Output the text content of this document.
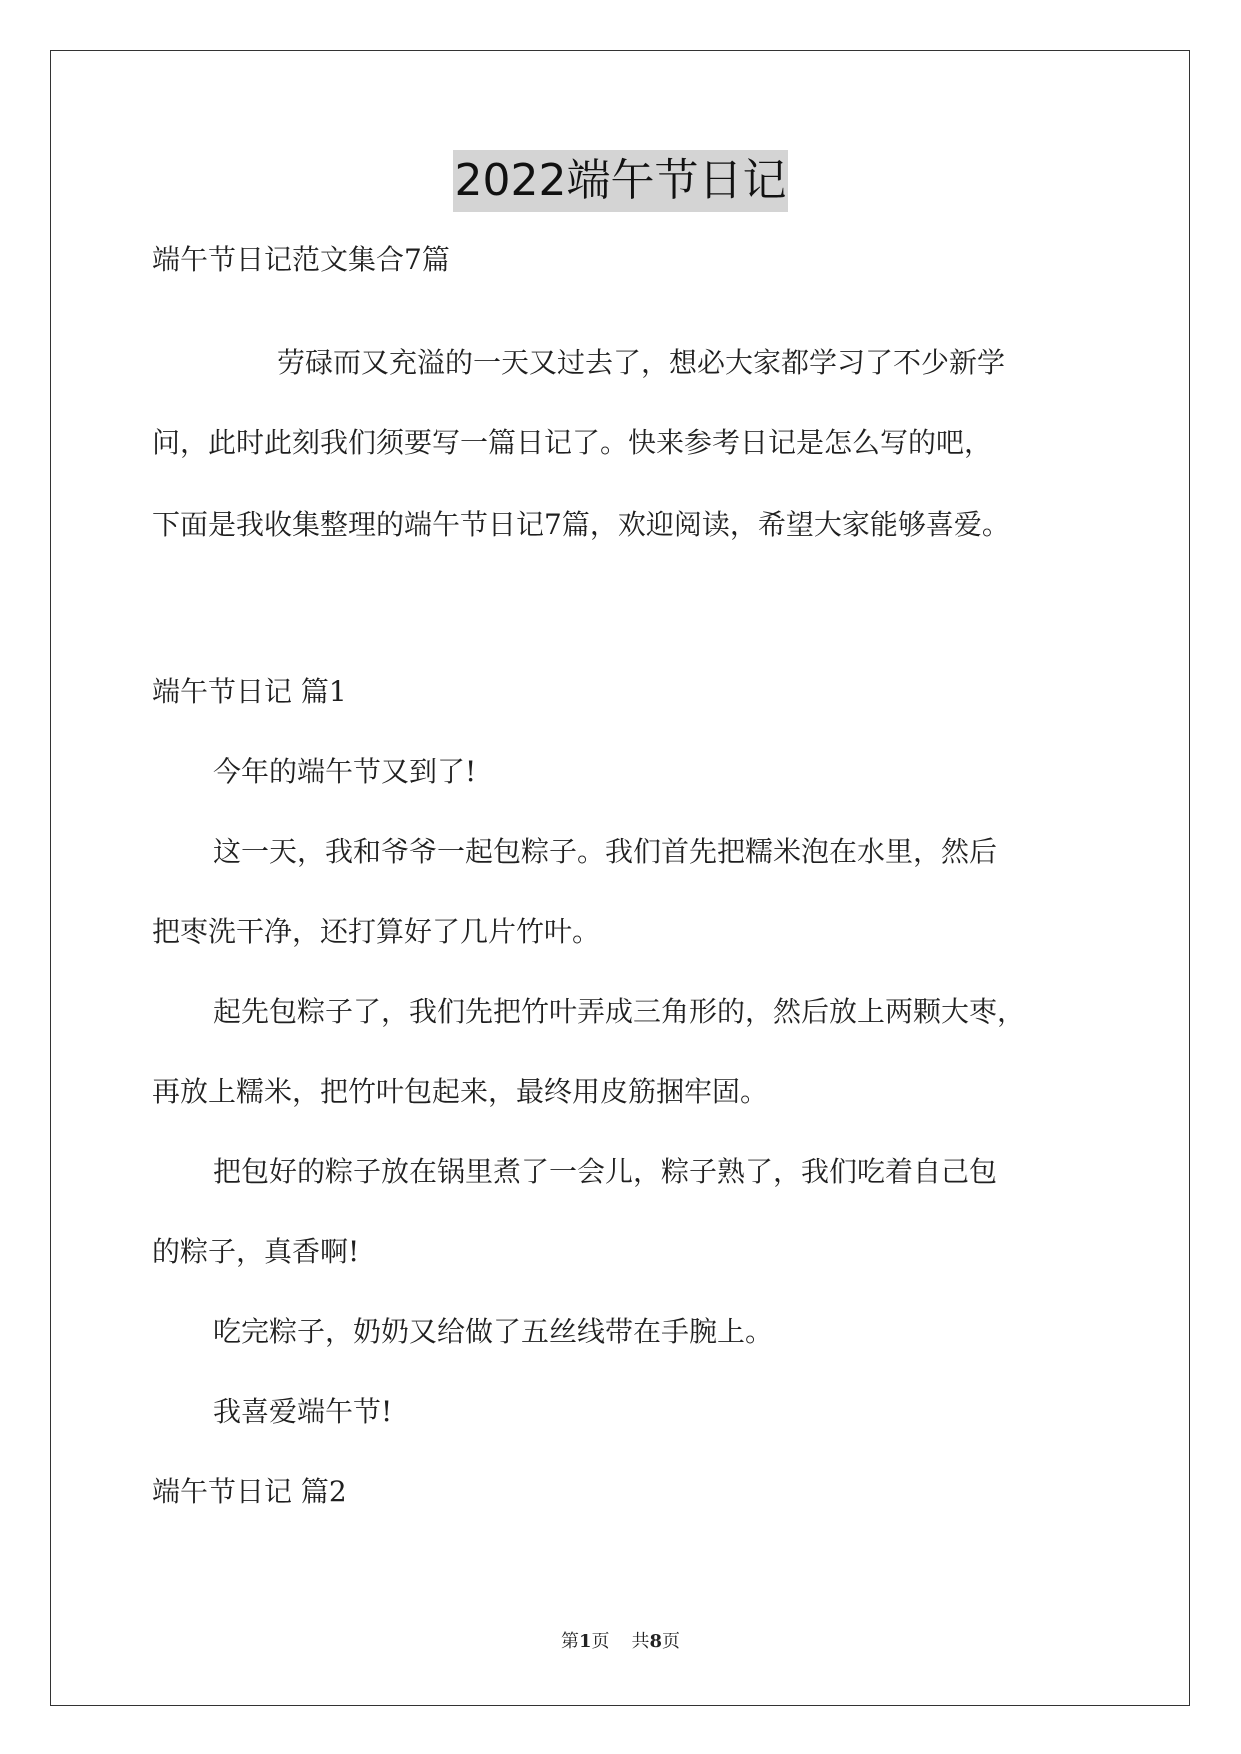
2022端午节日记
端午节日记范文集合7篇
劳碌而又充溢的一天又过去了，想必大家都学习了不少新学
问，此时此刻我们须要写一篇日记了。快来参考日记是怎么写的吧，
下面是我收集整理的端午节日记7篇，欢迎阅读，希望大家能够喜爱。
端午节日记 篇1
今年的端午节又到了!
这一天，我和爷爷一起包粽子。我们首先把糯米泡在水里，然后
把枣洗干净，还打算好了几片竹叶。
起先包粽子了，我们先把竹叶弄成三角形的，然后放上两颗大枣，
再放上糯米，把竹叶包起来，最终用皮筋捆牢固。
把包好的粽子放在锅里煮了一会儿，粽子熟了，我们吃着自己包
的粽子，真香啊!
吃完粽子，奶奶又给做了五丝线带在手腕上。
我喜爱端午节!
端午节日记 篇2
第1页 共8页
